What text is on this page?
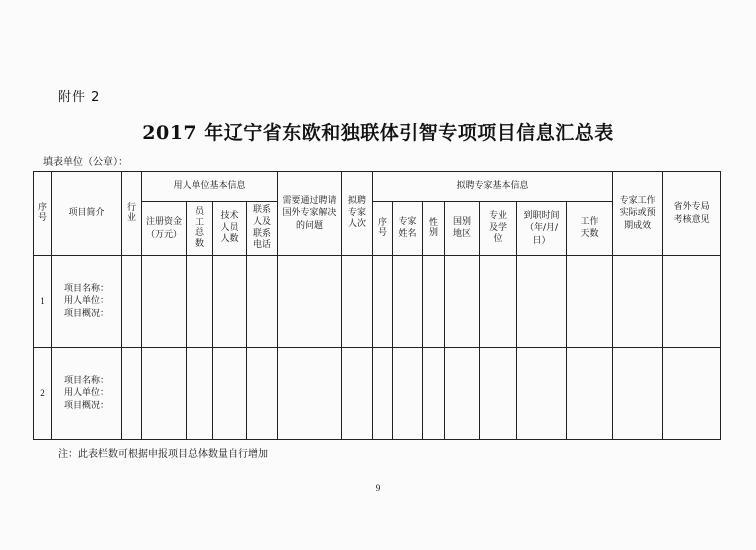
附件 2
2017 年辽宁省东欧和独联体引智专项项目信息汇总表
填表单位（公章）：
序号	项目简介	行业	用人单位基本信息				需要通过聘请国外专家解决的问题	拟聘专家人次	拟聘专家基本信息							专家工作实际或预期成效	省外专局考核意见
			注册资金（万元）	员工总数	技术人员人数	联系人及联系电话			序号	专家姓名	性别	国别地区	专业及学位	到职时间（年/月/日）	工作天数		
1	项目名称：
用人单位：
项目概况：																

2	项目名称：
用人单位：
项目概况：																

注：此表栏数可根据申报项目总体数量自行增加
9
